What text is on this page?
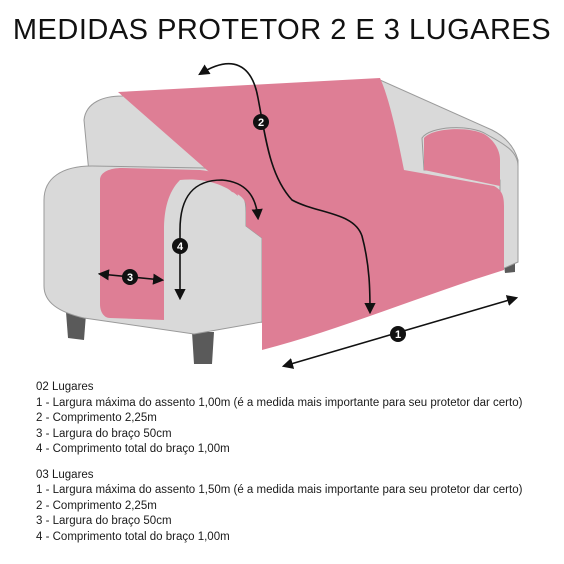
MEDIDAS PROTETOR 2 E 3 LUGARES
1
2
3
4
02 Lugares
1 - Largura máxima do assento 1,00m (é a medida mais importante para seu protetor dar certo)
2 - Comprimento 2,25m
3 - Largura do braço 50cm
4 - Comprimento total do braço 1,00m
03 Lugares
1 - Largura máxima do assento 1,50m (é a medida mais importante para seu protetor dar certo)
2 - Comprimento 2,25m
3 - Largura do braço 50cm
4 - Comprimento total do braço 1,00m
